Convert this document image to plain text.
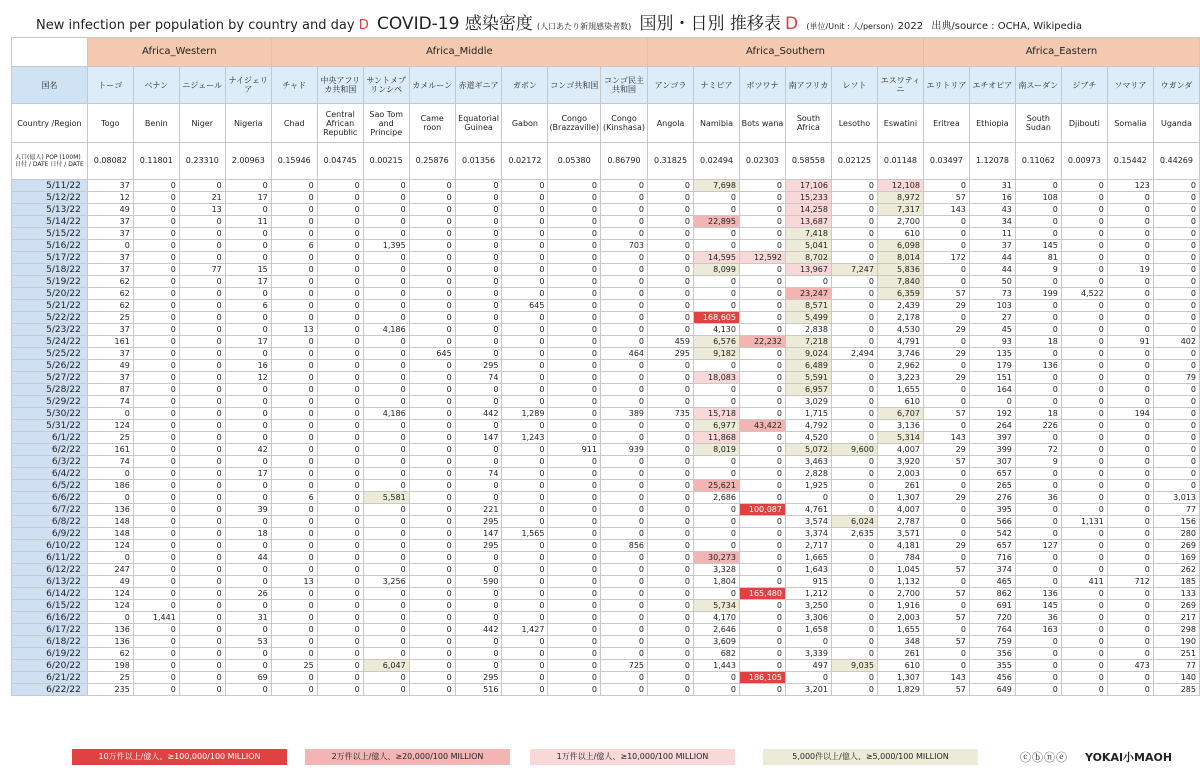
New infection per population by country and day D COVID-19 感染密度 (人口あたり新規感染者数) 国別・日別 推移表 D (単位/Unit : 人/person) 2022 出典/source : OCHA, Wikipedia
	Africa_Western				Africa_Middle								Africa_Southern						Africa_Eastern					
国名	トーゴ	ベナン	ニジェール	ナイジェリア	チャド	中央アフリカ共和国	サントメプリンシペ	カメルーン	赤道ギニア	ガボン	コンゴ共和国	コンゴ民主共和国	アンゴラ	ナミビア	ボツワナ	南アフリカ	レソト	エスワティニ	エリトリア	エチオピア	南スーダン	ジブチ	ソマリア	ウガンダ
Country /Region	Togo	Benin	Niger	Nigeria	Chad	Central African Republic	Sao Tom and Principe	Came roon	Equatorial Guinea	Gabon	Congo (Brazzaville)	Congo (Kinshasa)	Angola	Namibia	Bots wana	South Africa	Lesotho	Eswatini	Eritrea	Ethiopia	South Sudan	Djibouti	Somalia	Uganda

人口(億人) POP (100M)
日付 / DATE 日付 / DATE	0.08082	0.11801	0.23310	2.00963	0.15946	0.04745	0.00215	0.25876	0.01356	0.02172	0.05380	0.86790	0.31825	0.02494	0.02303	0.58558	0.02125	0.01148	0.03497	1.12078	0.11062	0.00973	0.15442	0.44269
5/11/22	37	0	0	0	0	0	0	0	0	0	0	0	0	7,698	0	17,106	0	12,108	0	31	0	0	123	0
5/12/22	12	0	21	17	0	0	0	0	0	0	0	0	0	0	0	15,233	0	8,972	57	16	108	0	0	0
5/13/22	49	0	13	0	0	0	0	0	0	0	0	0	0	0	0	14,258	0	7,317	143	43	0	0	0	0
5/14/22	37	0	0	11	0	0	0	0	0	0	0	0	0	22,895	0	13,687	0	2,700	0	34	0	0	0	0
5/15/22	37	0	0	0	0	0	0	0	0	0	0	0	0	0	0	7,418	0	610	0	11	0	0	0	0
5/16/22	0	0	0	0	6	0	1,395	0	0	0	0	703	0	0	0	5,041	0	6,098	0	37	145	0	0	0
5/17/22	37	0	0	0	0	0	0	0	0	0	0	0	0	14,595	12,592	8,702	0	8,014	172	44	81	0	0	0
5/18/22	37	0	77	15	0	0	0	0	0	0	0	0	0	8,099	0	13,967	7,247	5,836	0	44	9	0	19	0
5/19/22	62	0	0	17	0	0	0	0	0	0	0	0	0	0	0	0	0	7,840	0	50	0	0	0	0
5/20/22	62	0	0	0	0	0	0	0	0	0	0	0	0	0	0	23,247	0	6,359	57	73	199	4,522	0	0
5/21/22	62	0	0	6	0	0	0	0	0	645	0	0	0	0	0	8,571	0	2,439	29	103	0	0	0	0
5/22/22	25	0	0	0	0	0	0	0	0	0	0	0	0	168,605	0	5,499	0	2,178	0	27	0	0	0	0
5/23/22	37	0	0	0	13	0	4,186	0	0	0	0	0	0	4,130	0	2,838	0	4,530	29	45	0	0	0	0
5/24/22	161	0	0	17	0	0	0	0	0	0	0	0	459	6,576	22,232	7,218	0	4,791	0	93	18	0	91	402
5/25/22	37	0	0	0	0	0	0	645	0	0	0	464	295	9,182	0	9,024	2,494	3,746	29	135	0	0	0	0
5/26/22	49	0	0	16	0	0	0	0	295	0	0	0	0	0	0	6,489	0	2,962	0	179	136	0	0	0
5/27/22	37	0	0	12	0	0	0	0	74	0	0	0	0	18,083	0	5,591	0	3,223	29	151	0	0	0	79
5/28/22	87	0	0	0	0	0	0	0	0	0	0	0	0	0	0	6,957	0	1,655	0	164	0	0	0	0
5/29/22	74	0	0	0	0	0	0	0	0	0	0	0	0	0	0	3,029	0	610	0	0	0	0	0	0
5/30/22	0	0	0	0	0	0	4,186	0	442	1,289	0	389	735	15,718	0	1,715	0	6,707	57	192	18	0	194	0
5/31/22	124	0	0	0	0	0	0	0	0	0	0	0	0	6,977	43,422	4,792	0	3,136	0	264	226	0	0	0
6/1/22	25	0	0	0	0	0	0	0	147	1,243	0	0	0	11,868	0	4,520	0	5,314	143	397	0	0	0	0
6/2/22	161	0	0	42	0	0	0	0	0	0	911	939	0	8,019	0	5,072	9,600	4,007	29	399	72	0	0	0
6/3/22	74	0	0	0	0	0	0	0	0	0	0	0	0	0	0	3,463	0	3,920	57	307	9	0	0	0
6/4/22	0	0	0	17	0	0	0	0	74	0	0	0	0	0	0	2,828	0	2,003	0	657	0	0	0	0
6/5/22	186	0	0	0	0	0	0	0	0	0	0	0	0	25,621	0	1,925	0	261	0	265	0	0	0	0
6/6/22	0	0	0	0	6	0	5,581	0	0	0	0	0	0	2,686	0	0	0	1,307	29	276	36	0	0	3,013
6/7/22	136	0	0	39	0	0	0	0	221	0	0	0	0	0	100,087	4,761	0	4,007	0	395	0	0	0	77
6/8/22	148	0	0	0	0	0	0	0	295	0	0	0	0	0	0	3,574	6,024	2,787	0	566	0	1,131	0	156
6/9/22	148	0	0	18	0	0	0	0	147	1,565	0	0	0	0	0	3,374	2,635	3,571	0	542	0	0	0	280
6/10/22	124	0	0	0	0	0	0	0	295	0	0	856	0	0	0	2,717	0	4,181	29	657	127	0	0	269
6/11/22	0	0	0	44	0	0	0	0	0	0	0	0	0	30,273	0	1,665	0	784	0	716	0	0	0	169
6/12/22	247	0	0	0	0	0	0	0	0	0	0	0	0	3,328	0	1,643	0	1,045	57	374	0	0	0	262
6/13/22	49	0	0	0	13	0	3,256	0	590	0	0	0	0	1,804	0	915	0	1,132	0	465	0	411	712	185
6/14/22	124	0	0	26	0	0	0	0	0	0	0	0	0	0	165,480	1,212	0	2,700	57	862	136	0	0	133
6/15/22	124	0	0	0	0	0	0	0	0	0	0	0	0	5,734	0	3,250	0	1,916	0	691	145	0	0	269
6/16/22	0	1,441	0	31	0	0	0	0	0	0	0	0	0	4,170	0	3,306	0	2,003	57	720	36	0	0	217
6/17/22	136	0	0	0	0	0	0	0	442	1,427	0	0	0	2,646	0	1,658	0	1,655	0	764	163	0	0	298
6/18/22	136	0	0	53	0	0	0	0	0	0	0	0	0	3,609	0	0	0	348	57	759	0	0	0	190
6/19/22	62	0	0	0	0	0	0	0	0	0	0	0	0	682	0	3,339	0	261	0	356	0	0	0	251
6/20/22	198	0	0	0	25	0	6,047	0	0	0	0	725	0	1,443	0	497	9,035	610	0	355	0	0	473	77
6/21/22	25	0	0	69	0	0	0	0	295	0	0	0	0	0	186,105	0	0	1,307	143	456	0	0	0	140
6/22/22	235	0	0	0	0	0	0	0	516	0	0	0	0	0	0	3,201	0	1,829	57	649	0	0	0	285
10万件以上/億人、≥100,000/100 MILLION	2万件以上/億人、≥20,000/100 MILLION	1万件以上/億人、≥10,000/100 MILLION	5,000件以上/億人、≥5,000/100 MILLION	ⓒⓑⓝⓔ YOKAI小MAOH
